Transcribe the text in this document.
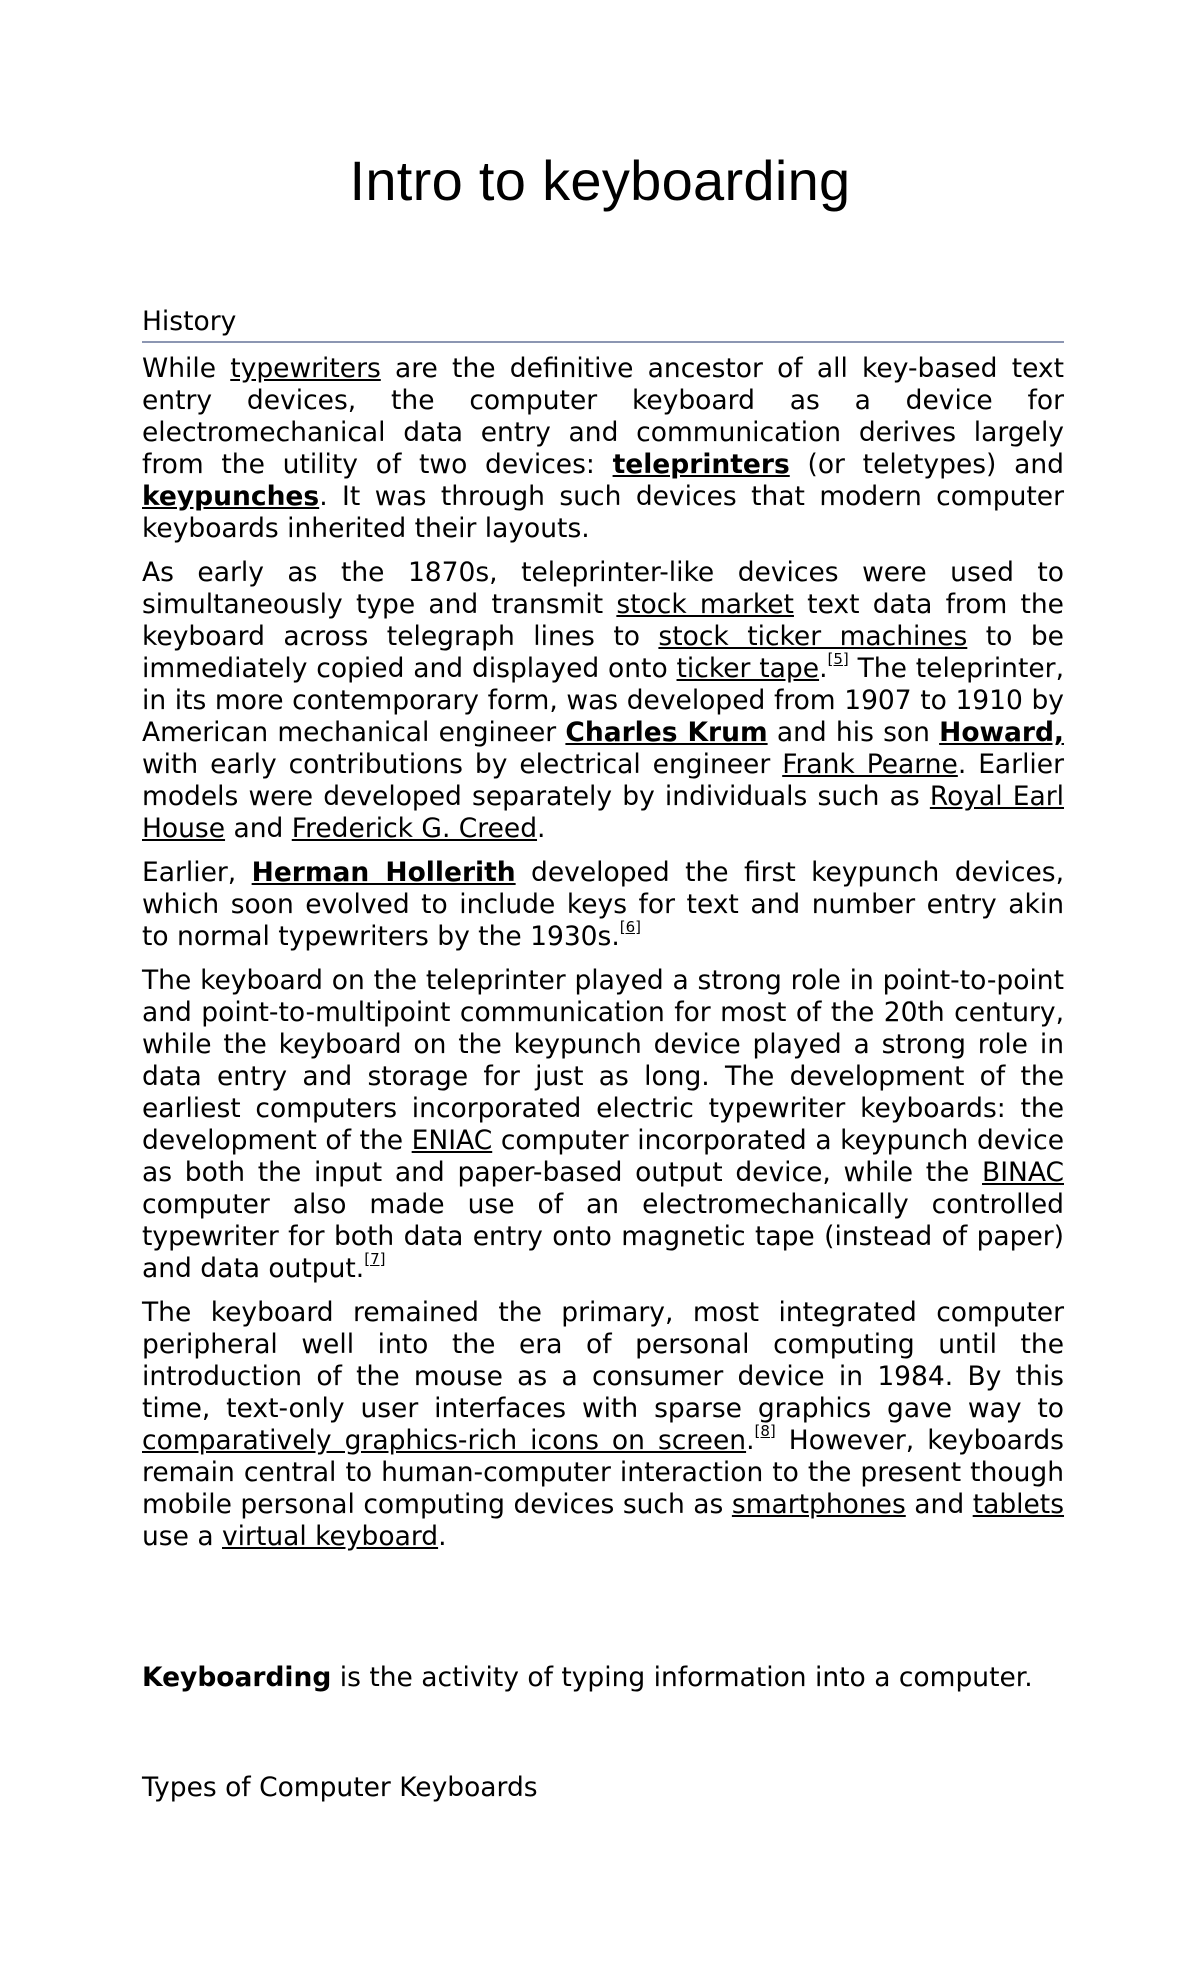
Intro to keyboarding
History

While typewriters are the definitive ancestor of all key-based text entry devices, the computer keyboard as a device for electromechanical data entry and communication derives largely from the utility of two devices: teleprinters (or teletypes) and keypunches. It was through such devices that modern computer keyboards inherited their layouts.

As early as the 1870s, teleprinter-like devices were used to simultaneously type and transmit stock market text data from the keyboard across telegraph lines to stock ticker machines to be immediately copied and displayed onto ticker tape.[5] The teleprinter, in its more contemporary form, was developed from 1907 to 1910 by American mechanical engineer Charles Krum and his son Howard, with early contributions by electrical engineer Frank Pearne. Earlier models were developed separately by individuals such as Royal Earl House and Frederick G. Creed.

Earlier, Herman Hollerith developed the first keypunch devices, which soon evolved to include keys for text and number entry akin to normal typewriters by the 1930s.[6]

The keyboard on the teleprinter played a strong role in point-to-point and point-to-multipoint communication for most of the 20th century, while the keyboard on the keypunch device played a strong role in data entry and storage for just as long. The development of the earliest computers incorporated electric typewriter keyboards: the development of the ENIAC computer incorporated a keypunch device as both the input and paper-based output device, while the BINAC computer also made use of an electromechanically controlled typewriter for both data entry onto magnetic tape (instead of paper) and data output.[7]

The keyboard remained the primary, most integrated computer peripheral well into the era of personal computing until the introduction of the mouse as a consumer device in 1984. By this time, text-only user interfaces with sparse graphics gave way to comparatively graphics-rich icons on screen.[8] However, keyboards remain central to human-computer interaction to the present though mobile personal computing devices such as smartphones and tablets use a virtual keyboard.

Keyboarding is the activity of typing information into a computer.

Types of Computer Keyboards
